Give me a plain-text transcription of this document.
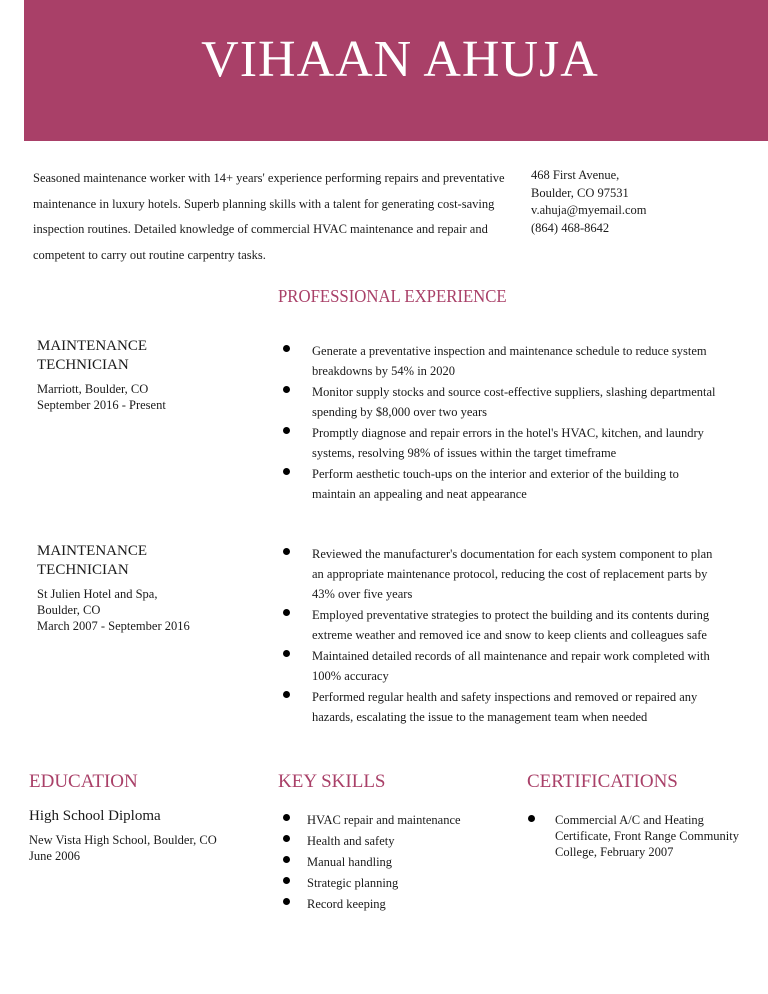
VIHAAN AHUJA

Seasoned maintenance worker with 14+ years' experience performing repairs and preventative maintenance in luxury hotels. Superb planning skills with a talent for generating cost-saving inspection routines. Detailed knowledge of commercial HVAC maintenance and repair and competent to carry out routine carpentry tasks.

468 First Avenue,
Boulder, CO 97531
v.ahuja@myemail.com
(864) 468-8642
PROFESSIONAL EXPERIENCE
MAINTENANCE
TECHNICIAN
Marriott, Boulder, CO
September 2016 - Present
Generate a preventative inspection and maintenance schedule to reduce system breakdowns by 54% in 2020
Monitor supply stocks and source cost-effective suppliers, slashing departmental spending by $8,000 over two years
Promptly diagnose and repair errors in the hotel's HVAC, kitchen, and laundry systems, resolving 98% of issues within the target timeframe
Perform aesthetic touch-ups on the interior and exterior of the building to maintain an appealing and neat appearance
MAINTENANCE
TECHNICIAN
St Julien Hotel and Spa,
Boulder, CO
March 2007 - September 2016
Reviewed the manufacturer's documentation for each system component to plan an appropriate maintenance protocol, reducing the cost of replacement parts by 43% over five years
Employed preventative strategies to protect the building and its contents during extreme weather and removed ice and snow to keep clients and colleagues safe
Maintained detailed records of all maintenance and repair work completed with 100% accuracy
Performed regular health and safety inspections and removed or repaired any hazards, escalating the issue to the management team when needed
EDUCATION
High School Diploma
New Vista High School, Boulder, CO
June 2006
KEY SKILLS
HVAC repair and maintenance
Health and safety
Manual handling
Strategic planning
Record keeping
CERTIFICATIONS
Commercial A/C and Heating Certificate, Front Range Community College, February 2007
